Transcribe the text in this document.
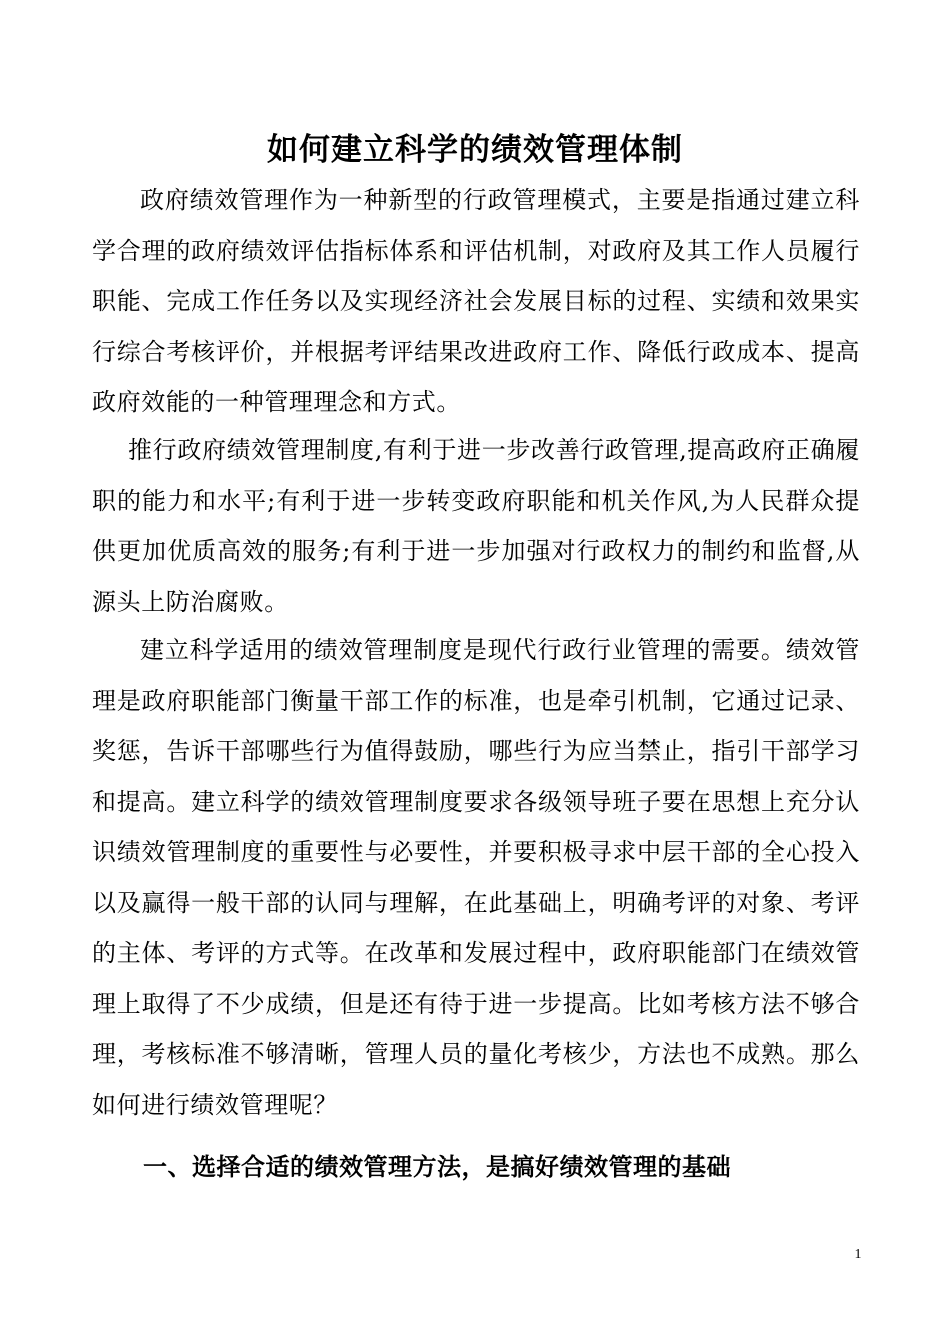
如何建立科学的绩效管理体制

政府绩效管理作为一种新型的行政管理模式，主要是指通过建立科学合理的政府绩效评估指标体系和评估机制，对政府及其工作人员履行职能、完成工作任务以及实现经济社会发展目标的过程、实绩和效果实行综合考核评价，并根据考评结果改进政府工作、降低行政成本、提高政府效能的一种管理理念和方式。

推行政府绩效管理制度,有利于进一步改善行政管理,提高政府正确履职的能力和水平;有利于进一步转变政府职能和机关作风,为人民群众提供更加优质高效的服务;有利于进一步加强对行政权力的制约和监督,从源头上防治腐败。

建立科学适用的绩效管理制度是现代行政行业管理的需要。绩效管理是政府职能部门衡量干部工作的标准，也是牵引机制，它通过记录、奖惩，告诉干部哪些行为值得鼓励，哪些行为应当禁止，指引干部学习和提高。建立科学的绩效管理制度要求各级领导班子要在思想上充分认识绩效管理制度的重要性与必要性，并要积极寻求中层干部的全心投入以及赢得一般干部的认同与理解，在此基础上，明确考评的对象、考评的主体、考评的方式等。在改革和发展过程中，政府职能部门在绩效管理上取得了不少成绩，但是还有待于进一步提高。比如考核方法不够合理，考核标准不够清晰，管理人员的量化考核少，方法也不成熟。那么如何进行绩效管理呢？

一、选择合适的绩效管理方法，是搞好绩效管理的基础
1
